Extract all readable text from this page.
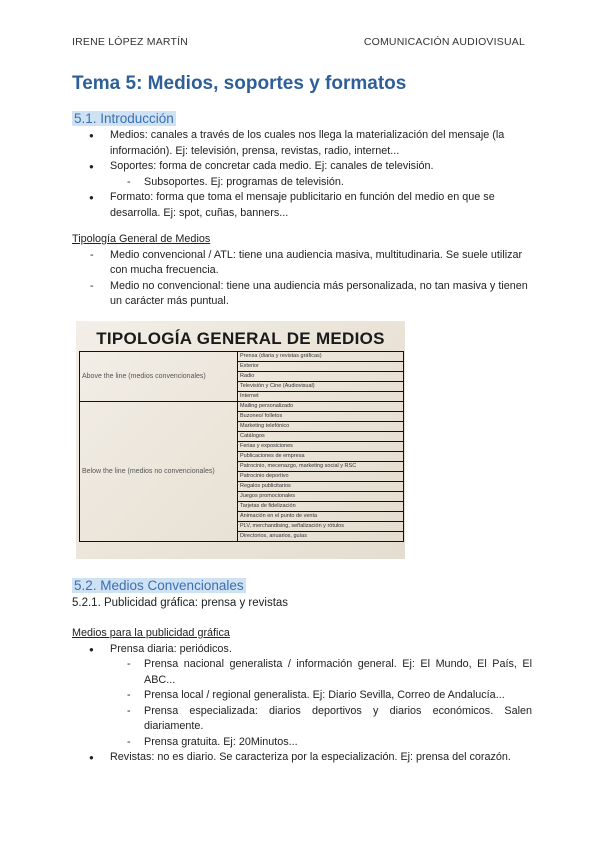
IRENE LÓPEZ MARTÍN	COMUNICACIÓN AUDIOVISUAL
Tema 5: Medios, soportes y formatos
5.1. Introducción
● Medios: canales a través de los cuales nos llega la materialización del mensaje (la información). Ej: televisión, prensa, revistas, radio, internet...
● Soportes: forma de concretar cada medio. Ej: canales de televisión.
- Subsoportes. Ej: programas de televisión.
● Formato: forma que toma el mensaje publicitario en función del medio en que se desarrolla. Ej: spot, cuñas, banners...
Tipología General de Medios
- Medio convencional / ATL: tiene una audiencia masiva, multitudinaria. Se suele utilizar con mucha frecuencia.
- Medio no convencional: tiene una audiencia más personalizada, no tan masiva y tienen un carácter más puntual.
TIPOLOGÍA GENERAL DE MEDIOS
Above the line (medios convencionales)	Prensa (diaria y revistas gráficas)
	Exterior
	Radio
	Televisión y Cine (Audiovisual)
	Internet
Below the line (medios no convencionales)	Mailing personalizado
	Buzoneo/ folletos
	Marketing telefónico
	Catálogos
	Ferias y exposiciones
	Publicaciones de empresa
	Patrocinio, mecenazgo, marketing social y RSC
	Patrocinio deportivo
	Regalos publicitarios
	Juegos promocionales
	Tarjetas de fidelización
	Animación en el punto de venta
	PLV, merchandising, señalización y rótulos
	Directorios, anuarios, guías
5.2. Medios Convencionales
5.2.1. Publicidad gráfica: prensa y revistas
Medios para la publicidad gráfica
● Prensa diaria: periódicos.
- Prensa nacional generalista / información general. Ej: El Mundo, El País, El ABC...
- Prensa local / regional generalista. Ej: Diario Sevilla, Correo de Andalucía...
- Prensa especializada: diarios deportivos y diarios económicos. Salen diariamente.
- Prensa gratuita. Ej: 20Minutos...
● Revistas: no es diario. Se caracteriza por la especialización. Ej: prensa del corazón.
